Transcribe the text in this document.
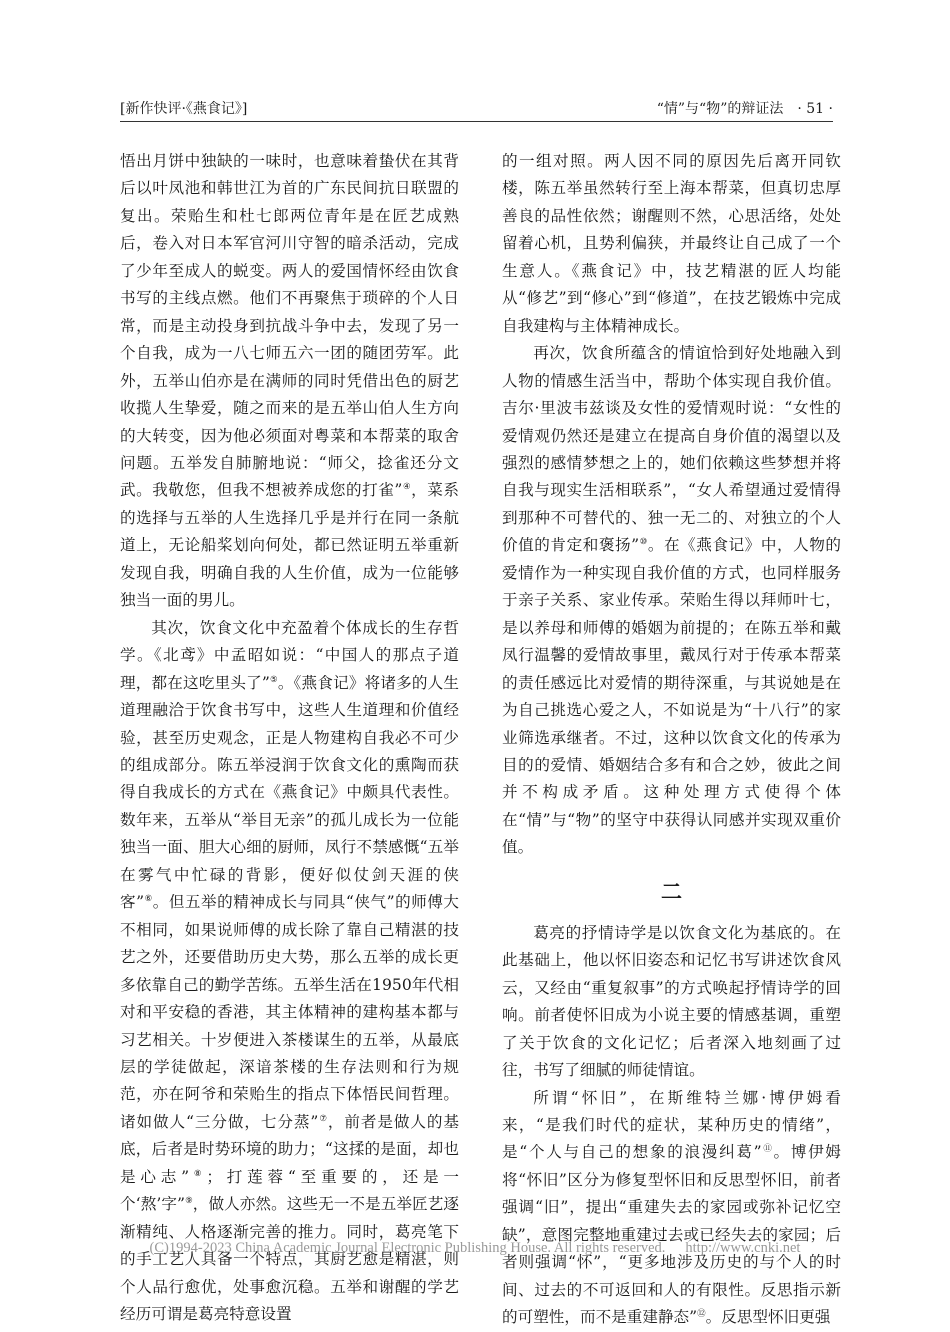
[新作快评·《燕食记》]	“情”与“物”的辩证法 · 51 ·

悟出月饼中独缺的一味时，也意味着蛰伏在其背后以叶凤池和韩世江为首的广东民间抗日联盟的复出。荣贻生和杜七郎两位青年是在匠艺成熟后，卷入对日本军官河川守智的暗杀活动，完成了少年至成人的蜕变。两人的爱国情怀经由饮食书写的主线点燃。他们不再聚焦于琐碎的个人日常，而是主动投身到抗战斗争中去，发现了另一个自我，成为一八七师五六一团的随团劳军。此外，五举山伯亦是在满师的同时凭借出色的厨艺收揽人生挚爱，随之而来的是五举山伯人生方向的大转变，因为他必须面对粤菜和本帮菜的取舍问题。五举发自肺腑地说：“师父，捻雀还分文武。我敬您，但我不想被养成您的打雀”④，菜系的选择与五举的人生选择几乎是并行在同一条航道上，无论船桨划向何处，都已然证明五举重新发现自我，明确自我的人生价值，成为一位能够独当一面的男儿。

其次，饮食文化中充盈着个体成长的生存哲学。《北鸢》中孟昭如说：“中国人的那点子道理，都在这吃里头了”⑤。《燕食记》将诸多的人生道理融洽于饮食书写中，这些人生道理和价值经验，甚至历史观念，正是人物建构自我必不可少的组成部分。陈五举浸润于饮食文化的熏陶而获得自我成长的方式在《燕食记》中颇具代表性。数年来，五举从“举目无亲”的孤儿成长为一位能独当一面、胆大心细的厨师，凤行不禁感慨“五举在雾气中忙碌的背影，便好似仗剑天涯的侠客”⑥。但五举的精神成长与同具“侠气”的师傅大不相同，如果说师傅的成长除了靠自己精湛的技艺之外，还要借助历史大势，那么五举的成长更多依靠自己的勤学苦练。五举生活在1950年代相对和平安稳的香港，其主体精神的建构基本都与习艺相关。十岁便进入茶楼谋生的五举，从最底层的学徒做起，深谙茶楼的生存法则和行为规范，亦在阿爷和荣贻生的指点下体悟民间哲理。诸如做人“三分做，七分蒸”⑦，前者是做人的基底，后者是时势环境的助力；“这揉的是面，却也是心志”⑧；打莲蓉“至重要的，还是一个‘熬’字”⑨，做人亦然。这些无一不是五举匠艺逐渐精纯、人格逐渐完善的推力。同时，葛亮笔下的手工艺人具备一个特点，其厨艺愈是精湛，则个人品行愈优，处事愈沉稳。五举和谢醒的学艺经历可谓是葛亮特意设置

的一组对照。两人因不同的原因先后离开同钦楼，陈五举虽然转行至上海本帮菜，但真切忠厚善良的品性依然；谢醒则不然，心思活络，处处留着心机，且势利偏狭，并最终让自己成了一个生意人。《燕食记》中，技艺精湛的匠人均能从“修艺”到“修心”到“修道”，在技艺锻炼中完成自我建构与主体精神成长。

再次，饮食所蕴含的情谊恰到好处地融入到人物的情感生活当中，帮助个体实现自我价值。吉尔·里波韦兹谈及女性的爱情观时说：“女性的爱情观仍然还是建立在提高自身价值的渴望以及强烈的感情梦想之上的，她们依赖这些梦想并将自我与现实生活相联系”，“女人希望通过爱情得到那种不可替代的、独一无二的、对独立的个人价值的肯定和褒扬”⑩。在《燕食记》中，人物的爱情作为一种实现自我价值的方式，也同样服务于亲子关系、家业传承。荣贻生得以拜师叶七，是以养母和师傅的婚姻为前提的；在陈五举和戴凤行温馨的爱情故事里，戴凤行对于传承本帮菜的责任感远比对爱情的期待深重，与其说她是在为自己挑选心爱之人，不如说是为“十八行”的家业筛选承继者。不过，这种以饮食文化的传承为目的的爱情、婚姻结合多有和合之妙，彼此之间并不构成矛盾。这种处理方式使得个体在“情”与“物”的坚守中获得认同感并实现双重价值。

二

葛亮的抒情诗学是以饮食文化为基底的。在此基础上，他以怀旧姿态和记忆书写讲述饮食风云，又经由“重复叙事”的方式唤起抒情诗学的回响。前者使怀旧成为小说主要的情感基调，重塑了关于饮食的文化记忆；后者深入地刻画了过往，书写了细腻的师徒情谊。

所谓“怀旧”，在斯维特兰娜·博伊姆看来，“是我们时代的症状，某种历史的情绪”，是“个人与自己的想象的浪漫纠葛”⑪。博伊姆将“怀旧”区分为修复型怀旧和反思型怀旧，前者强调“旧”，提出“重建失去的家园或弥补记忆空缺”，意图完整地重建过去或已经失去的家园；后者则强调“怀”，“更多地涉及历史的与个人的时间、过去的不可返回和人的有限性。反思指示新的可塑性，而不是重建静态”⑫。反思型怀旧更强

(C)1994-2023 China Academic Journal Electronic Publishing House. All rights reserved. http://www.cnki.net
